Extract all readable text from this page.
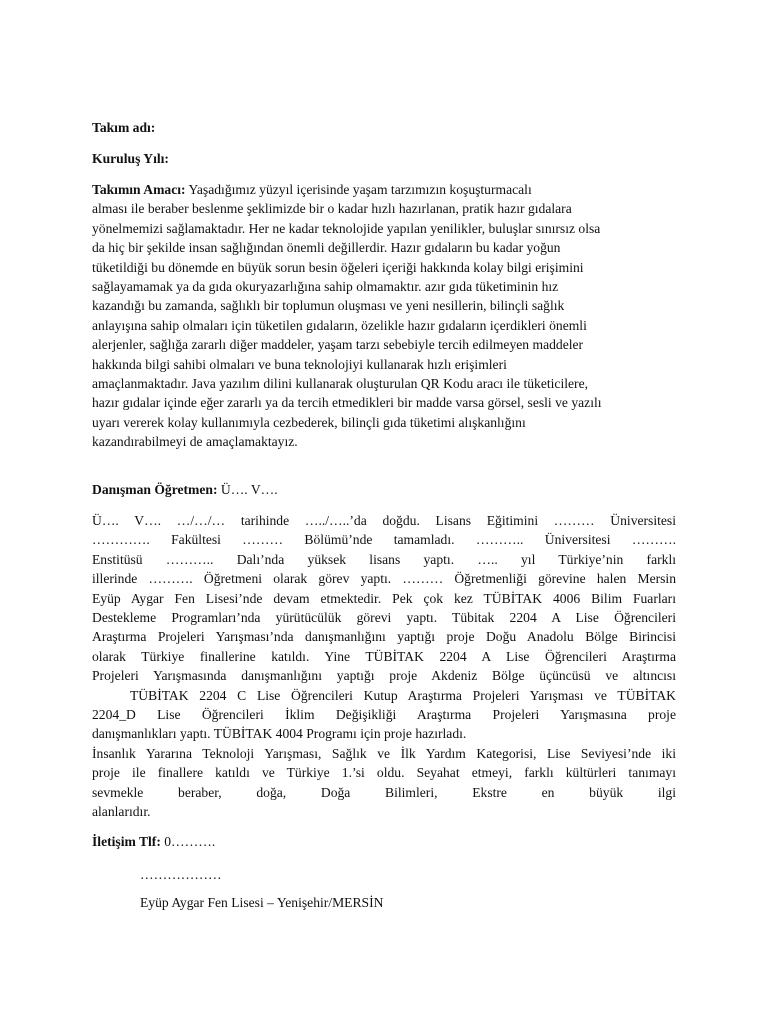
Takım adı:
Kuruluş Yılı:
Takımın Amacı: Yaşadığımız yüzyıl içerisinde yaşam tarzımızın koşuşturmacalı
alması ile beraber beslenme şeklimizde bir o kadar hızlı hazırlanan, pratik hazır gıdalara
yönelmemizi sağlamaktadır. Her ne kadar teknolojide yapılan yenilikler, buluşlar sınırsız olsa
da hiç bir şekilde insan sağlığından önemli değillerdir. Hazır gıdaların bu kadar yoğun
tüketildiği bu dönemde en büyük sorun besin öğeleri içeriği hakkında kolay bilgi erişimini
sağlayamamak ya da gıda okuryazarlığına sahip olmamaktır. azır gıda tüketiminin hız
kazandığı bu zamanda, sağlıklı bir toplumun oluşması ve yeni nesillerin, bilinçli sağlık
anlayışına sahip olmaları için tüketilen gıdaların, özelikle hazır gıdaların içerdikleri önemli
alerjenler, sağlığa zararlı diğer maddeler, yaşam tarzı sebebiyle tercih edilmeyen maddeler
hakkında bilgi sahibi olmaları ve buna teknolojiyi kullanarak hızlı erişimleri
amaçlanmaktadır. Java yazılım dilini kullanarak oluşturulan QR Kodu aracı ile tüketicilere,
hazır gıdalar içinde eğer zararlı ya da tercih etmedikleri bir madde varsa görsel, sesli ve yazılı
uyarı vererek kolay kullanımıyla cezbederek, bilinçli gıda tüketimi alışkanlığını
kazandırabilmeyi de amaçlamaktayız.
Danışman Öğretmen: Ü…. V….
Ü…. V…. …/…/… tarihinde …../…..’da doğdu. Lisans Eğitimini ……… Üniversitesi
…………. Fakültesi ……… Bölümü’nde tamamladı. ……….. Üniversitesi ……….
Enstitüsü ……….. Dalı’nda yüksek lisans yaptı. ….. yıl Türkiye’nin farklı
illerinde ………. Öğretmeni olarak görev yaptı. ……… Öğretmenliği görevine halen Mersin
Eyüp Aygar Fen Lisesi’nde devam etmektedir. Pek çok kez TÜBİTAK 4006 Bilim Fuarları
Destekleme Programları’nda yürütücülük görevi yaptı. Tübitak 2204 A Lise Öğrencileri
Araştırma Projeleri Yarışması’nda danışmanlığını yaptığı proje Doğu Anadolu Bölge Birincisi
olarak Türkiye finallerine katıldı. Yine TÜBİTAK 2204 A Lise Öğrencileri Araştırma
Projeleri Yarışmasında danışmanlığını yaptığı proje Akdeniz Bölge üçüncüsü ve altıncısı
TÜBİTAK 2204 C Lise Öğrencileri Kutup Araştırma Projeleri Yarışması ve TÜBİTAK
2204_D Lise Öğrencileri İklim Değişikliği Araştırma Projeleri Yarışmasına proje
danışmanlıkları yaptı. TÜBİTAK 4004 Programı için proje hazırladı.
İnsanlık Yararına Teknoloji Yarışması, Sağlık ve İlk Yardım Kategorisi, Lise Seviyesi’nde iki
proje ile finallere katıldı ve Türkiye 1.’si oldu. Seyahat etmeyi, farklı kültürleri tanımayı
sevmekle beraber, doğa, Doğa Bilimleri, Ekstre en büyük ilgi
alanlarıdır.
İletişim Tlf: 0……….
………………
Eyüp Aygar Fen Lisesi – Yenişehir/MERSİN
